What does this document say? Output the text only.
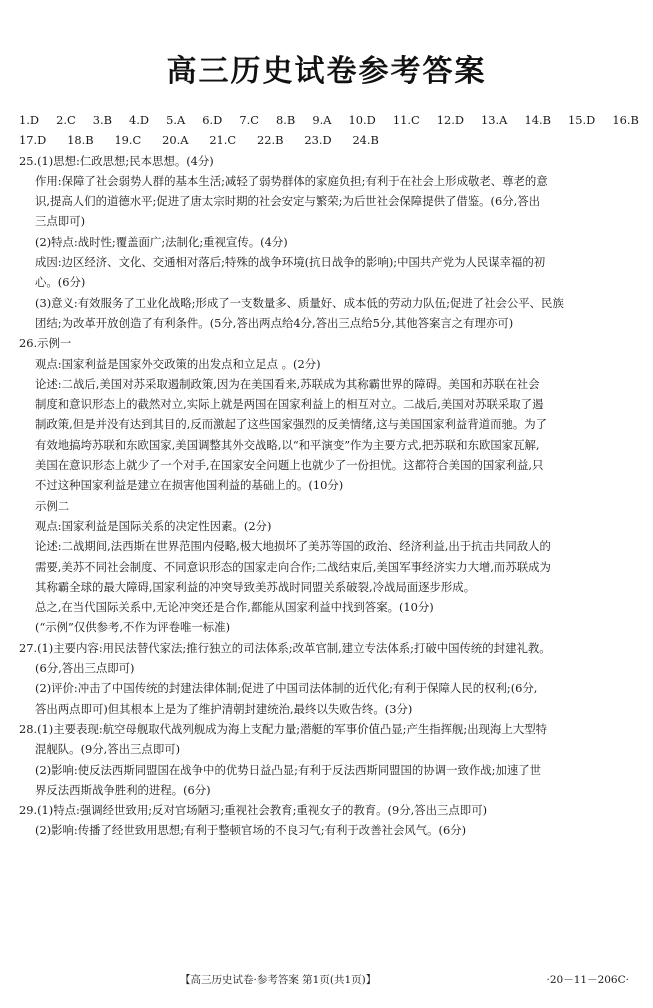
高三历史试卷参考答案
1.D 2.C 3.B 4.D 5.A 6.D 7.C 8.B 9.A 10.D 11.C 12.D 13.A 14.B 15.D 16.B
17.D 18.B 19.C 20.A 21.C 22.B 23.D 24.B
25.(1)思想:仁政思想;民本思想。(4分)
作用:保障了社会弱势人群的基本生活;减轻了弱势群体的家庭负担;有利于在社会上形成敬老、尊老的意
识,提高人们的道德水平;促进了唐太宗时期的社会安定与繁荣;为后世社会保障提供了借鉴。(6分,答出
三点即可)
(2)特点:战时性;覆盖面广;法制化;重视宣传。(4分)
成因:边区经济、文化、交通相对落后;特殊的战争环境(抗日战争的影响);中国共产党为人民谋幸福的初
心。(6分)
(3)意义:有效服务了工业化战略;形成了一支数量多、质量好、成本低的劳动力队伍;促进了社会公平、民族
团结;为改革开放创造了有利条件。(5分,答出两点给4分,答出三点给5分,其他答案言之有理亦可)
26.示例一
观点:国家利益是国家外交政策的出发点和立足点 。(2分)
论述:二战后,美国对苏采取遏制政策,因为在美国看来,苏联成为其称霸世界的障碍。美国和苏联在社会
制度和意识形态上的截然对立,实际上就是两国在国家利益上的相互对立。二战后,美国对苏联采取了遏
制政策,但是并没有达到其目的,反而激起了这些国家强烈的反美情绪,这与美国国家利益背道而驰。为了
有效地搞垮苏联和东欧国家,美国调整其外交战略,以“和平演变”作为主要方式,把苏联和东欧国家瓦解,
美国在意识形态上就少了一个对手,在国家安全问题上也就少了一份担忧。这都符合美国的国家利益,只
不过这种国家利益是建立在损害他国利益的基础上的。(10分)
示例二
观点:国家利益是国际关系的决定性因素。(2分)
论述:二战期间,法西斯在世界范围内侵略,极大地损坏了美苏等国的政治、经济利益,出于抗击共同敌人的
需要,美苏不同社会制度、不同意识形态的国家走向合作;二战结束后,美国军事经济实力大增,而苏联成为
其称霸全球的最大障碍,国家利益的冲突导致美苏战时同盟关系破裂,冷战局面逐步形成。
总之,在当代国际关系中,无论冲突还是合作,都能从国家利益中找到答案。(10分)
(“示例”仅供参考,不作为评卷唯一标准)
27.(1)主要内容:用民法替代家法;推行独立的司法体系;改革官制,建立专法体系;打破中国传统的封建礼教。
(6分,答出三点即可)
(2)评价:冲击了中国传统的封建法律体制;促进了中国司法体制的近代化;有利于保障人民的权利;(6分,
答出两点即可)但其根本上是为了维护清朝封建统治,最终以失败告终。(3分)
28.(1)主要表现:航空母舰取代战列舰成为海上支配力量;潜艇的军事价值凸显;产生指挥舰;出现海上大型特
混舰队。(9分,答出三点即可)
(2)影响:使反法西斯同盟国在战争中的优势日益凸显;有利于反法西斯同盟国的协调一致作战;加速了世
界反法西斯战争胜利的进程。(6分)
29.(1)特点:强调经世致用;反对官场陋习;重视社会教育;重视女子的教育。(9分,答出三点即可)
(2)影响:传播了经世致用思想;有利于整顿官场的不良习气;有利于改善社会风气。(6分)
【高三历史试卷·参考答案 第1页(共1页)】	·20－11－206C·
